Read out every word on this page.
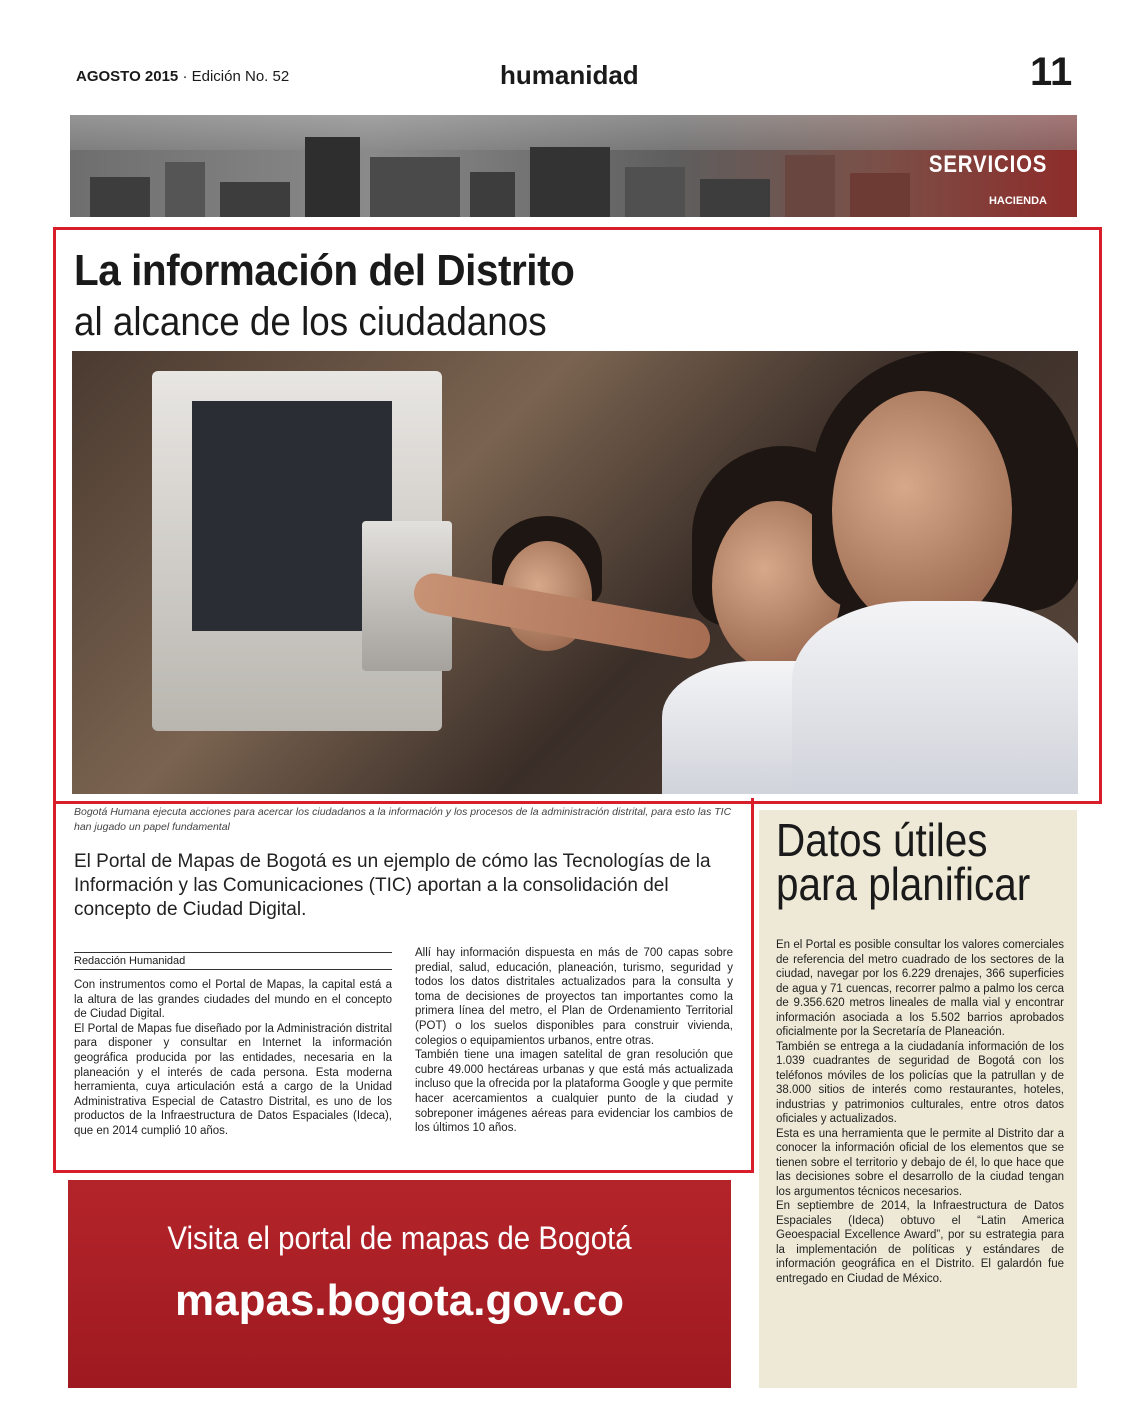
AGOSTO 2015 · Edición No. 52	humanidad	11
SERVICIOS
HACIENDA
La información del Distrito
al alcance de los ciudadanos
Bogotá Humana ejecuta acciones para acercar los ciudadanos a la información y los procesos de la administración distrital, para esto las TIC han jugado un papel fundamental
El Portal de Mapas de Bogotá es un ejemplo de cómo las Tecnologías de la Información y las Comunicaciones (TIC) aportan a la consolidación del concepto de Ciudad Digital.
Redacción Humanidad

Con instrumentos como el Portal de Mapas, la capital está a la altura de las grandes ciudades del mundo en el concepto de Ciudad Digital.

El Portal de Mapas fue diseñado por la Administración distrital para disponer y consultar en Internet la información geográfica producida por las entidades, necesaria en la planeación y el interés de cada persona. Esta moderna herramienta, cuya articulación está a cargo de la Unidad Administrativa Especial de Catastro Distrital, es uno de los productos de la Infraestructura de Datos Espaciales (Ideca), que en 2014 cumplió 10 años.

Allí hay información dispuesta en más de 700 capas sobre predial, salud, educación, planeación, turismo, seguridad y todos los datos distritales actualizados para la consulta y toma de decisiones de proyectos tan importantes como la primera línea del metro, el Plan de Ordenamiento Territorial (POT) o los suelos disponibles para construir vivienda, colegios o equipamientos urbanos, entre otras.

También tiene una imagen satelital de gran resolución que cubre 49.000 hectáreas urbanas y que está más actualizada incluso que la ofrecida por la plataforma Google y que permite hacer acercamientos a cualquier punto de la ciudad y sobreponer imágenes aéreas para evidenciar los cambios de los últimos 10 años.

Datos útiles
para planificar

En el Portal es posible consultar los valores comerciales de referencia del metro cuadrado de los sectores de la ciudad, navegar por los 6.229 drenajes, 366 superficies de agua y 71 cuencas, recorrer palmo a palmo los cerca de 9.356.620 metros lineales de malla vial y encontrar información asociada a los 5.502 barrios aprobados oficialmente por la Secretaría de Planeación.

También se entrega a la ciudadanía información de los 1.039 cuadrantes de seguridad de Bogotá con los teléfonos móviles de los policías que la patrullan y de 38.000 sitios de interés como restaurantes, hoteles, industrias y patrimonios culturales, entre otros datos oficiales y actualizados.

Esta es una herramienta que le permite al Distrito dar a conocer la información oficial de los elementos que se tienen sobre el territorio y debajo de él, lo que hace que las decisiones sobre el desarrollo de la ciudad tengan los argumentos técnicos necesarios.

En septiembre de 2014, la Infraestructura de Datos Espaciales (Ideca) obtuvo el “Latin America Geoespacial Excellence Award”, por su estrategia para la implementación de políticas y estándares de información geográfica en el Distrito. El galardón fue entregado en Ciudad de México.

Visita el portal de mapas de Bogotá
mapas.bogota.gov.co
